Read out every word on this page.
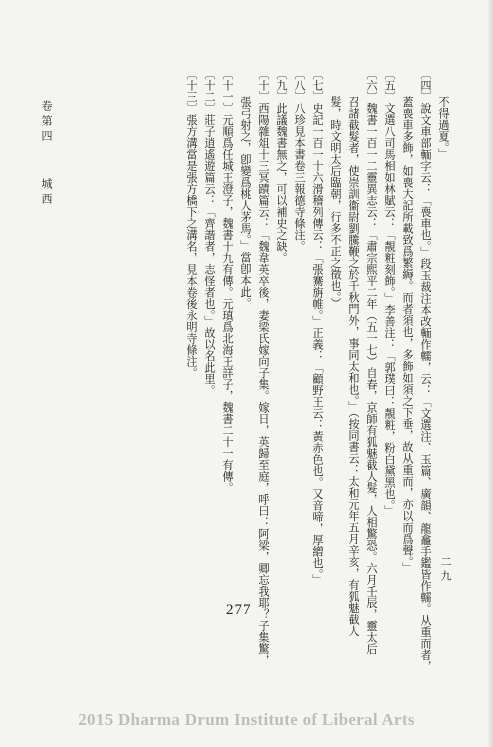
不得過夏。」
〔四〕說文車部輀字云：「喪車也。」段玉裁注本改輀作轜，云：「文選注、玉篇、廣韻、龍龕手鑑皆作轜。从重而者，
蓋喪車多飾，如喪大記所載致爲繁縟。而者須也，多飾如須之下垂，故从重而，亦以而爲聲。」
〔五〕文選八司馬相如林賦云：「靚粧刻飾。」李善注：「郭璞曰：靚粧，粉白黛黑也。」
〔六〕魏書一百一二靈異志云：「肅宗熙平二年（五一七）自春，京師有狐魅截人髮，人相驚恐。六月壬辰，靈太后
召諸截髮者，使崇訓衞尉劉騰鞭之於千秋門外，事同太和也。」（按同書云：太和元年五月辛亥，有狐魅截人
髮，時文明太后臨朝，行多不正之徵也。）
〔七〕史記一百一十六滑稽列傳云：「張騫旃帷。」正義：「顧野王云：黃赤色也。又音啼，厚繒也。」
〔八〕八珍見本書卷三報德寺條注。
〔九〕此議魏書無之，可以補史之缺。
〔十〕西陽雜俎十三冥蹟篇云：「魏韋英卒後，妻梁氏嫁向子集。嫁日，英歸至庭，呼曰：阿梁，卿忘我耶？子集驚，
張弓射之，卽變爲桃人茅馬。」當卽本此。
〔十一〕元順爲任城王澄子，魏書十九有傳。元瑱爲北海王詳子，魏書二十一有傳。
〔十二〕莊子逍遙遊篇云：「齊諧者，志怪者也。」故以名此里。
〔十三〕張方溝當是張方橋下之溝名，見本卷後永明寺條注。
卷第四
城西
二九
277
2015 Dharma Drum Institute of Liberal Arts
